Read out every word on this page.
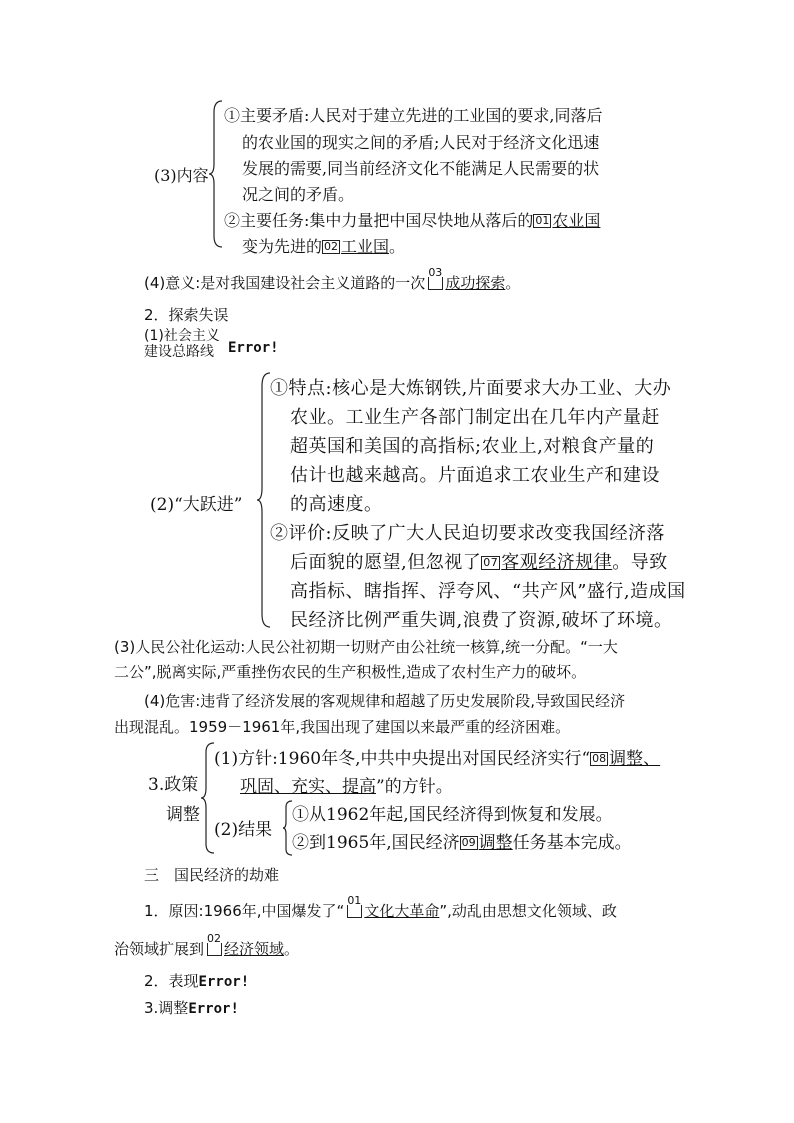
(3)内容
①主要矛盾:人民对于建立先进的工业国的要求,同落后
的农业国的现实之间的矛盾;人民对于经济文化迅速
发展的需要,同当前经济文化不能满足人民需要的状
况之间的矛盾。
②主要任务:集中力量把中国尽快地从落后的 01 农业国
变为先进的 02 工业国。
(4)意义:是对我国建设社会主义道路的一次
03
成功探索。
2．探索失误
(1)社会主义
建设总路线	Error!
(2)“大跃进”
①特点:核心是大炼钢铁,片面要求大办工业、大办
农业。工业生产各部门制定出在几年内产量赶
超英国和美国的高指标;农业上,对粮食产量的
估计也越来越高。片面追求工农业生产和建设
的高速度。
②评价:反映了广大人民迫切要求改变我国经济落
后面貌的愿望,但忽视了 07 客观经济规律。导致
高指标、瞎指挥、浮夸风、“共产风”盛行,造成国
民经济比例严重失调,浪费了资源,破坏了环境。
(3)人民公社化运动:人民公社初期一切财产由公社统一核算,统一分配。“一大
二公”,脱离实际,严重挫伤农民的生产积极性,造成了农村生产力的破坏。
(4)危害:违背了经济发展的客观规律和超越了历史发展阶段,导致国民经济
出现混乱。1959－1961年,我国出现了建国以来最严重的经济困难。
3.政策
调整
(1)方针:1960年冬,中共中央提出对国民经济实行“ 08 调整、
巩固、充实、提高”的方针。
(2)结果
①从1962年起,国民经济得到恢复和发展。
②到1965年,国民经济 09 调整任务基本完成。
三　国民经济的劫难
1．原因:1966年,中国爆发了“
01
文化大革命”,动乱由思想文化领域、政
治领域扩展到
02
经济领域。
2．表现Error!
3.调整Error!
